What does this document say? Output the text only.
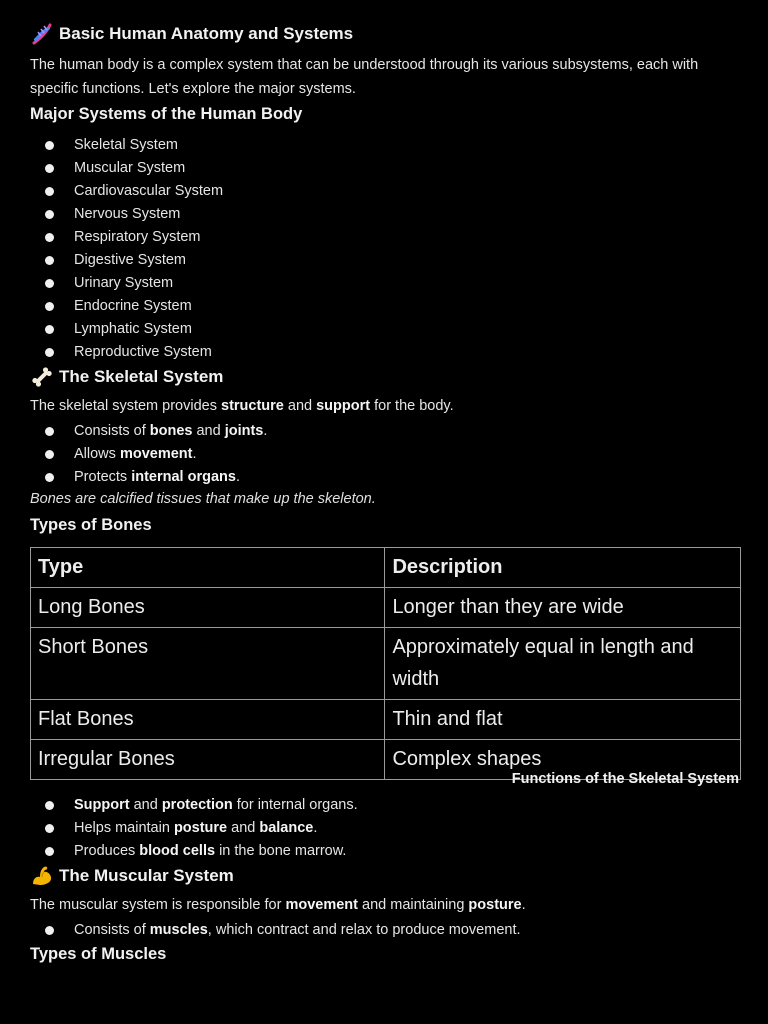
Basic Human Anatomy and Systems
The human body is a complex system that can be understood through its various subsystems, each with specific functions. Let's explore the major systems.
Major Systems of the Human Body
Skeletal System
Muscular System
Cardiovascular System
Nervous System
Respiratory System
Digestive System
Urinary System
Endocrine System
Lymphatic System
Reproductive System
The Skeletal System
The skeletal system provides structure and support for the body.
Consists of bones and joints.
Allows movement.
Protects internal organs.
Bones are calcified tissues that make up the skeleton.
Types of Bones
Type	Description
Long Bones	Longer than they are wide
Short Bones	Approximately equal in length and width
Flat Bones	Thin and flat
Irregular Bones	Complex shapes
Functions of the Skeletal System
Support and protection for internal organs.
Helps maintain posture and balance.
Produces blood cells in the bone marrow.
The Muscular System
The muscular system is responsible for movement and maintaining posture.
Consists of muscles, which contract and relax to produce movement.
Types of Muscles
